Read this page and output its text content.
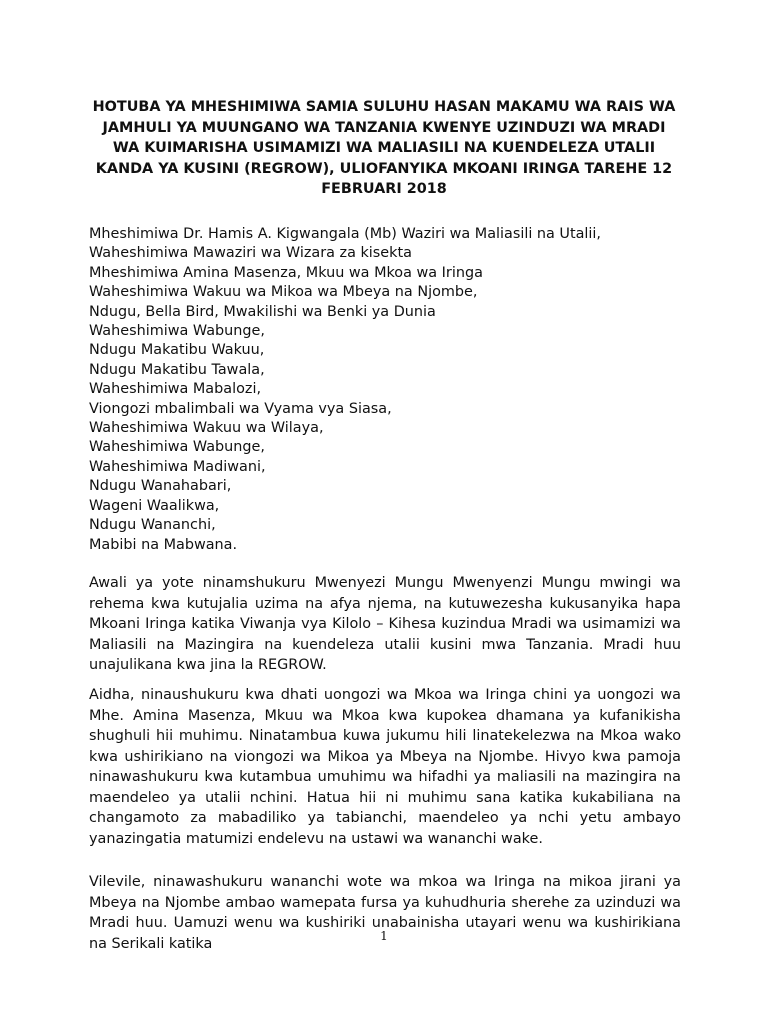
HOTUBA YA MHESHIMIWA SAMIA SULUHU HASAN MAKAMU WA RAIS WA JAMHULI YA MUUNGANO WA TANZANIA KWENYE UZINDUZI WA MRADI WA KUIMARISHA USIMAMIZI WA MALIASILI NA KUENDELEZA UTALII KANDA YA KUSINI (REGROW), ULIOFANYIKA MKOANI IRINGA TAREHE 12 FEBRUARI 2018
Mheshimiwa Dr. Hamis A. Kigwangala (Mb) Waziri wa Maliasili na Utalii,
Waheshimiwa Mawaziri wa Wizara za kisekta
Mheshimiwa Amina Masenza, Mkuu wa Mkoa wa Iringa
Waheshimiwa Wakuu wa Mikoa wa Mbeya na Njombe,
Ndugu, Bella Bird, Mwakilishi wa Benki ya Dunia
Waheshimiwa Wabunge,
Ndugu Makatibu Wakuu,
Ndugu Makatibu Tawala,
Waheshimiwa Mabalozi,
Viongozi mbalimbali wa Vyama vya Siasa,
Waheshimiwa Wakuu wa Wilaya,
Waheshimiwa Wabunge,
Waheshimiwa Madiwani,
Ndugu Wanahabari,
Wageni Waalikwa,
Ndugu Wananchi,
Mabibi na Mabwana.

Awali ya yote ninamshukuru Mwenyezi Mungu Mwenyenzi Mungu mwingi wa rehema kwa kutujalia uzima na afya njema, na kutuwezesha kukusanyika hapa Mkoani Iringa katika Viwanja vya Kilolo – Kihesa kuzindua Mradi wa usimamizi wa Maliasili na Mazingira na kuendeleza utalii kusini mwa Tanzania. Mradi huu unajulikana kwa jina la REGROW.

Aidha, ninaushukuru kwa dhati uongozi wa Mkoa wa Iringa chini ya uongozi wa Mhe. Amina Masenza, Mkuu wa Mkoa kwa kupokea dhamana ya kufanikisha shughuli hii muhimu. Ninatambua kuwa jukumu hili linatekelezwa na Mkoa wako kwa ushirikiano na viongozi wa Mikoa ya Mbeya na Njombe. Hivyo kwa pamoja ninawashukuru kwa kutambua umuhimu wa hifadhi ya maliasili na mazingira na maendeleo ya utalii nchini. Hatua hii ni muhimu sana katika kukabiliana na changamoto za mabadiliko ya tabianchi, maendeleo ya nchi yetu ambayo yanazingatia matumizi endelevu na ustawi wa wananchi wake.

Vilevile, ninawashukuru wananchi wote wa mkoa wa Iringa na mikoa jirani ya Mbeya na Njombe ambao wamepata fursa ya kuhudhuria sherehe za uzinduzi wa Mradi huu. Uamuzi wenu wa kushiriki unabainisha utayari wenu wa kushirikiana na Serikali katika	1
